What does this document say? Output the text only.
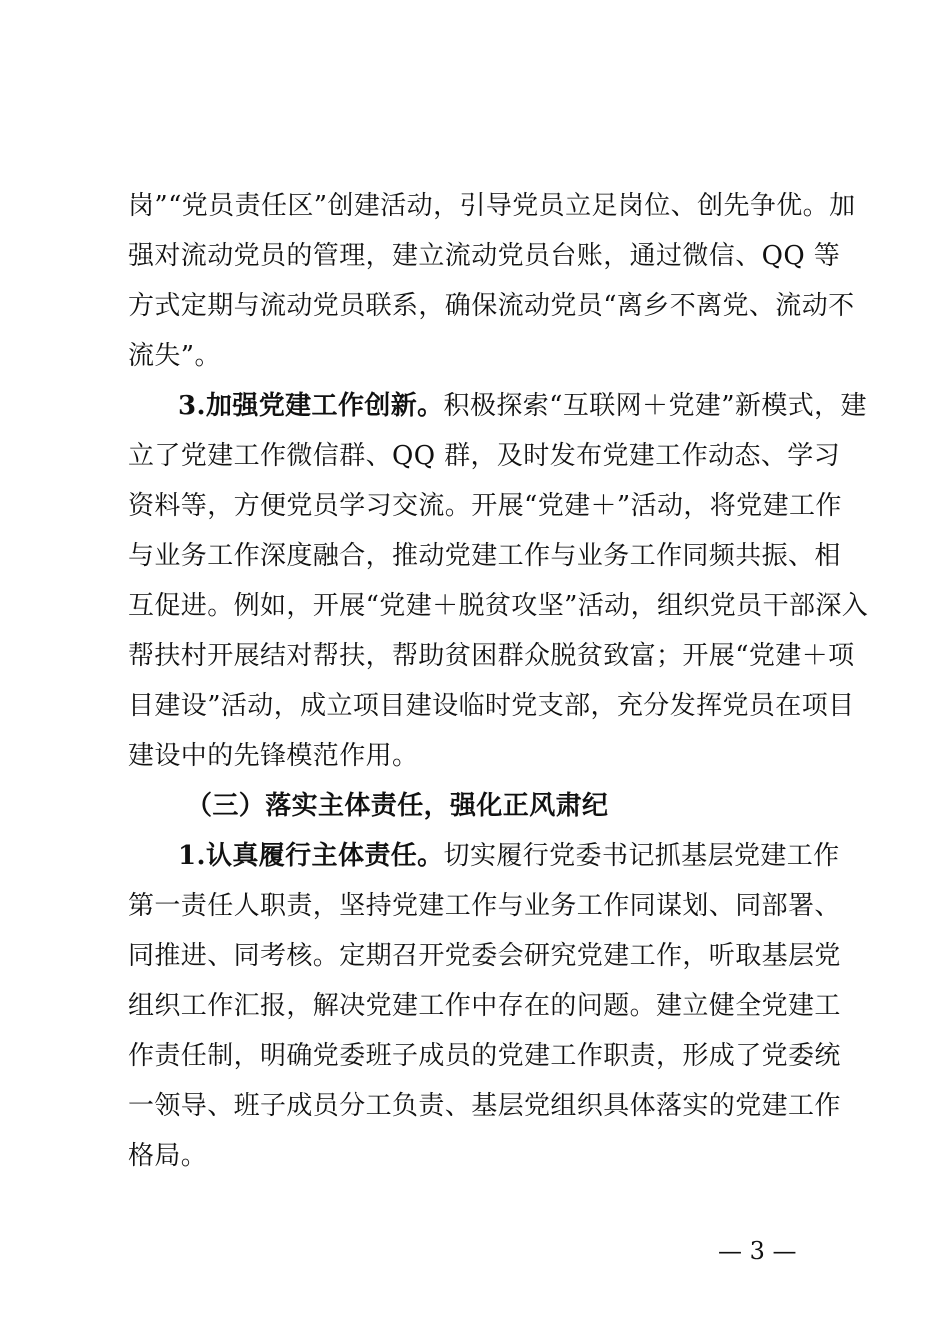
岗”“党员责任区”创建活动，引导党员立足岗位、创先争优。加
强对流动党员的管理，建立流动党员台账，通过微信、QQ 等
方式定期与流动党员联系，确保流动党员“离乡不离党、流动不
流失”。
3.加强党建工作创新。积极探索“互联网＋党建”新模式，建
立了党建工作微信群、QQ 群，及时发布党建工作动态、学习
资料等，方便党员学习交流。开展“党建＋”活动，将党建工作
与业务工作深度融合，推动党建工作与业务工作同频共振、相
互促进。例如，开展“党建＋脱贫攻坚”活动，组织党员干部深入
帮扶村开展结对帮扶，帮助贫困群众脱贫致富；开展“党建＋项
目建设”活动，成立项目建设临时党支部，充分发挥党员在项目
建设中的先锋模范作用。
（三）落实主体责任，强化正风肃纪
1.认真履行主体责任。切实履行党委书记抓基层党建工作
第一责任人职责，坚持党建工作与业务工作同谋划、同部署、
同推进、同考核。定期召开党委会研究党建工作，听取基层党
组织工作汇报，解决党建工作中存在的问题。建立健全党建工
作责任制，明确党委班子成员的党建工作职责，形成了党委统
一领导、班子成员分工负责、基层党组织具体落实的党建工作
格局。
— 3 —
